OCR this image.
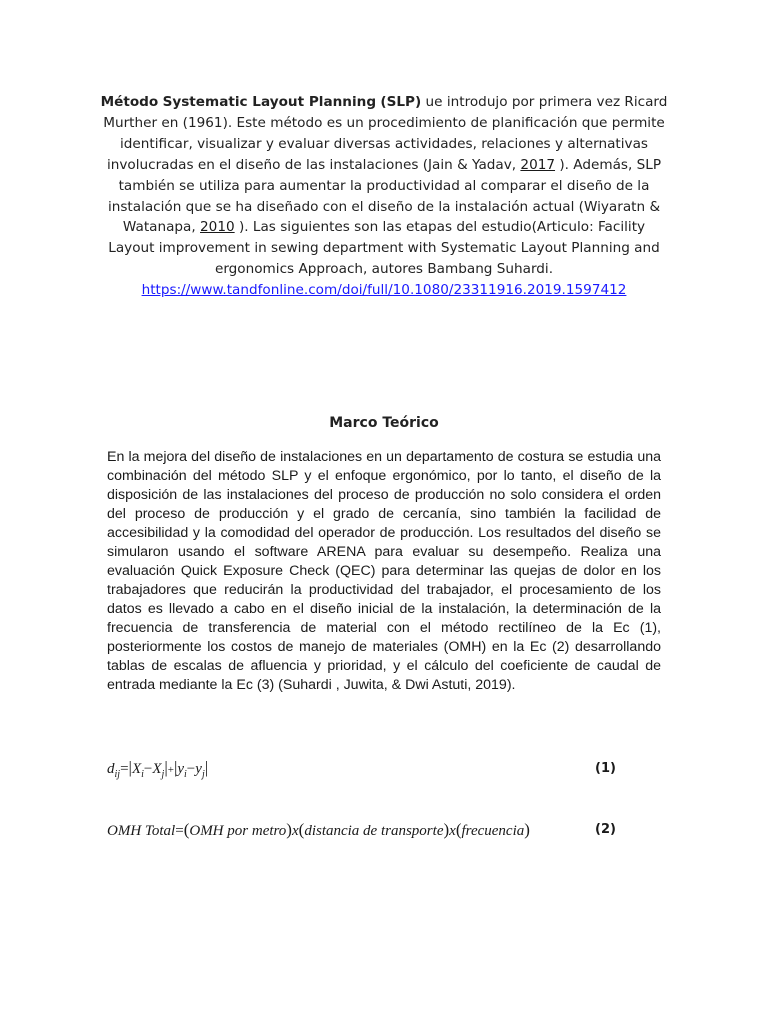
Método Systematic Layout Planning (SLP) ue introdujo por primera vez Ricard Murther en (1961). Este método es un procedimiento de planificación que permite identificar, visualizar y evaluar diversas actividades, relaciones y alternativas involucradas en el diseño de las instalaciones (Jain & Yadav, 2017 ). Además, SLP también se utiliza para aumentar la productividad al comparar el diseño de la instalación que se ha diseñado con el diseño de la instalación actual (Wiyaratn & Watanapa, 2010 ). Las siguientes son las etapas del estudio(Articulo: Facility Layout improvement in sewing department with Systematic Layout Planning and ergonomics Approach, autores Bambang Suhardi.
https://www.tandfonline.com/doi/full/10.1080/23311916.2019.1597412

Marco Teórico

En la mejora del diseño de instalaciones en un departamento de costura se estudia una combinación del método SLP y el enfoque ergonómico, por lo tanto, el diseño de la disposición de las instalaciones del proceso de producción no solo considera el orden del proceso de producción y el grado de cercanía, sino también la facilidad de accesibilidad y la comodidad del operador de producción. Los resultados del diseño se simularon usando el software ARENA para evaluar su desempeño. Realiza una evaluación Quick Exposure Check (QEC) para determinar las quejas de dolor en los trabajadores que reducirán la productividad del trabajador, el procesamiento de los datos es llevado a cabo en el diseño inicial de la instalación, la determinación de la frecuencia de transferencia de material con el método rectilíneo de la Ec (1), posteriormente los costos de manejo de materiales (OMH) en la Ec (2) desarrollando tablas de escalas de afluencia y prioridad, y el cálculo del coeficiente de caudal de entrada mediante la Ec (3) (Suhardi , Juwita, & Dwi Astuti, 2019).

$d_{ij}=|X_i-X_j|+|y_i-y_j|$	(1)
OMH Total=(OMH por metro)x(distancia de transporte)x(frecuencia)	(2)
